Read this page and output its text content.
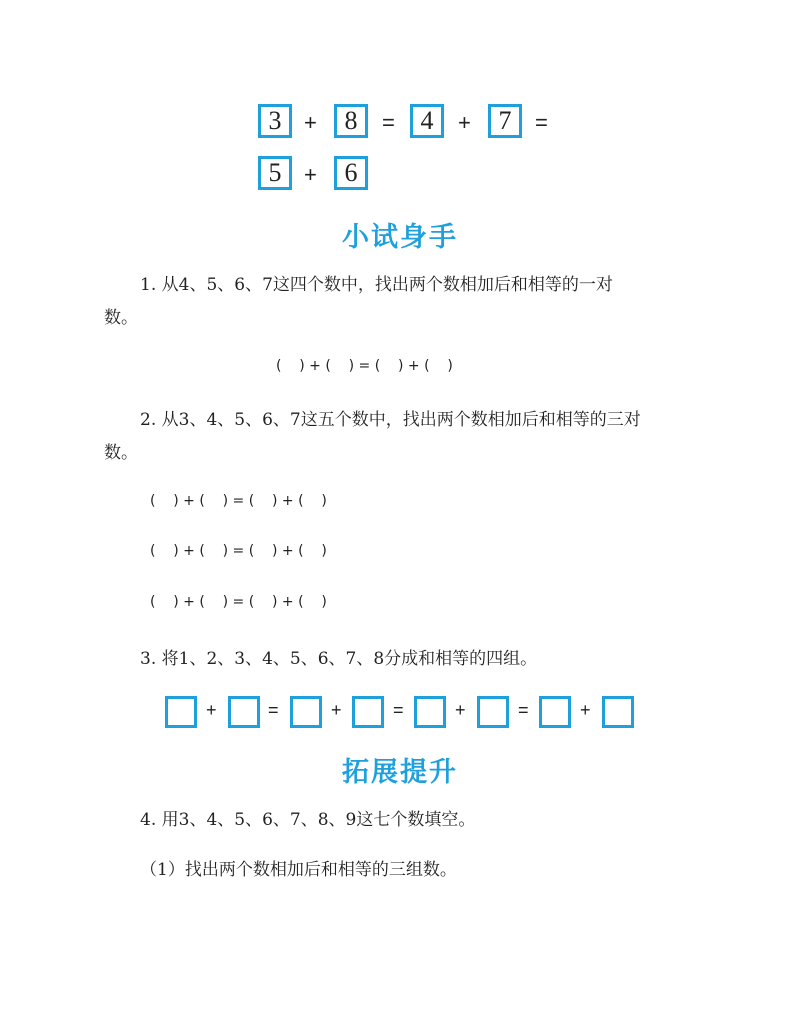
3	+	8	= 4	+	7	=
5	+	6
小试身手
1. 从4、5、6、7这四个数中，找出两个数相加后和相等的一对
数。
(    ) + (    ) = (    ) + (    )
2. 从3、4、5、6、7这五个数中，找出两个数相加后和相等的三对
数。
(    ) + (    ) = (    ) + (    )
(    ) + (    ) = (    ) + (    )
(    ) + (    ) = (    ) + (    )
3. 将1、2、3、4、5、6、7、8分成和相等的四组。
+	=	+	=	+	=	+
拓展提升
4. 用3、4、5、6、7、8、9这七个数填空。
（1）找出两个数相加后和相等的三组数。
